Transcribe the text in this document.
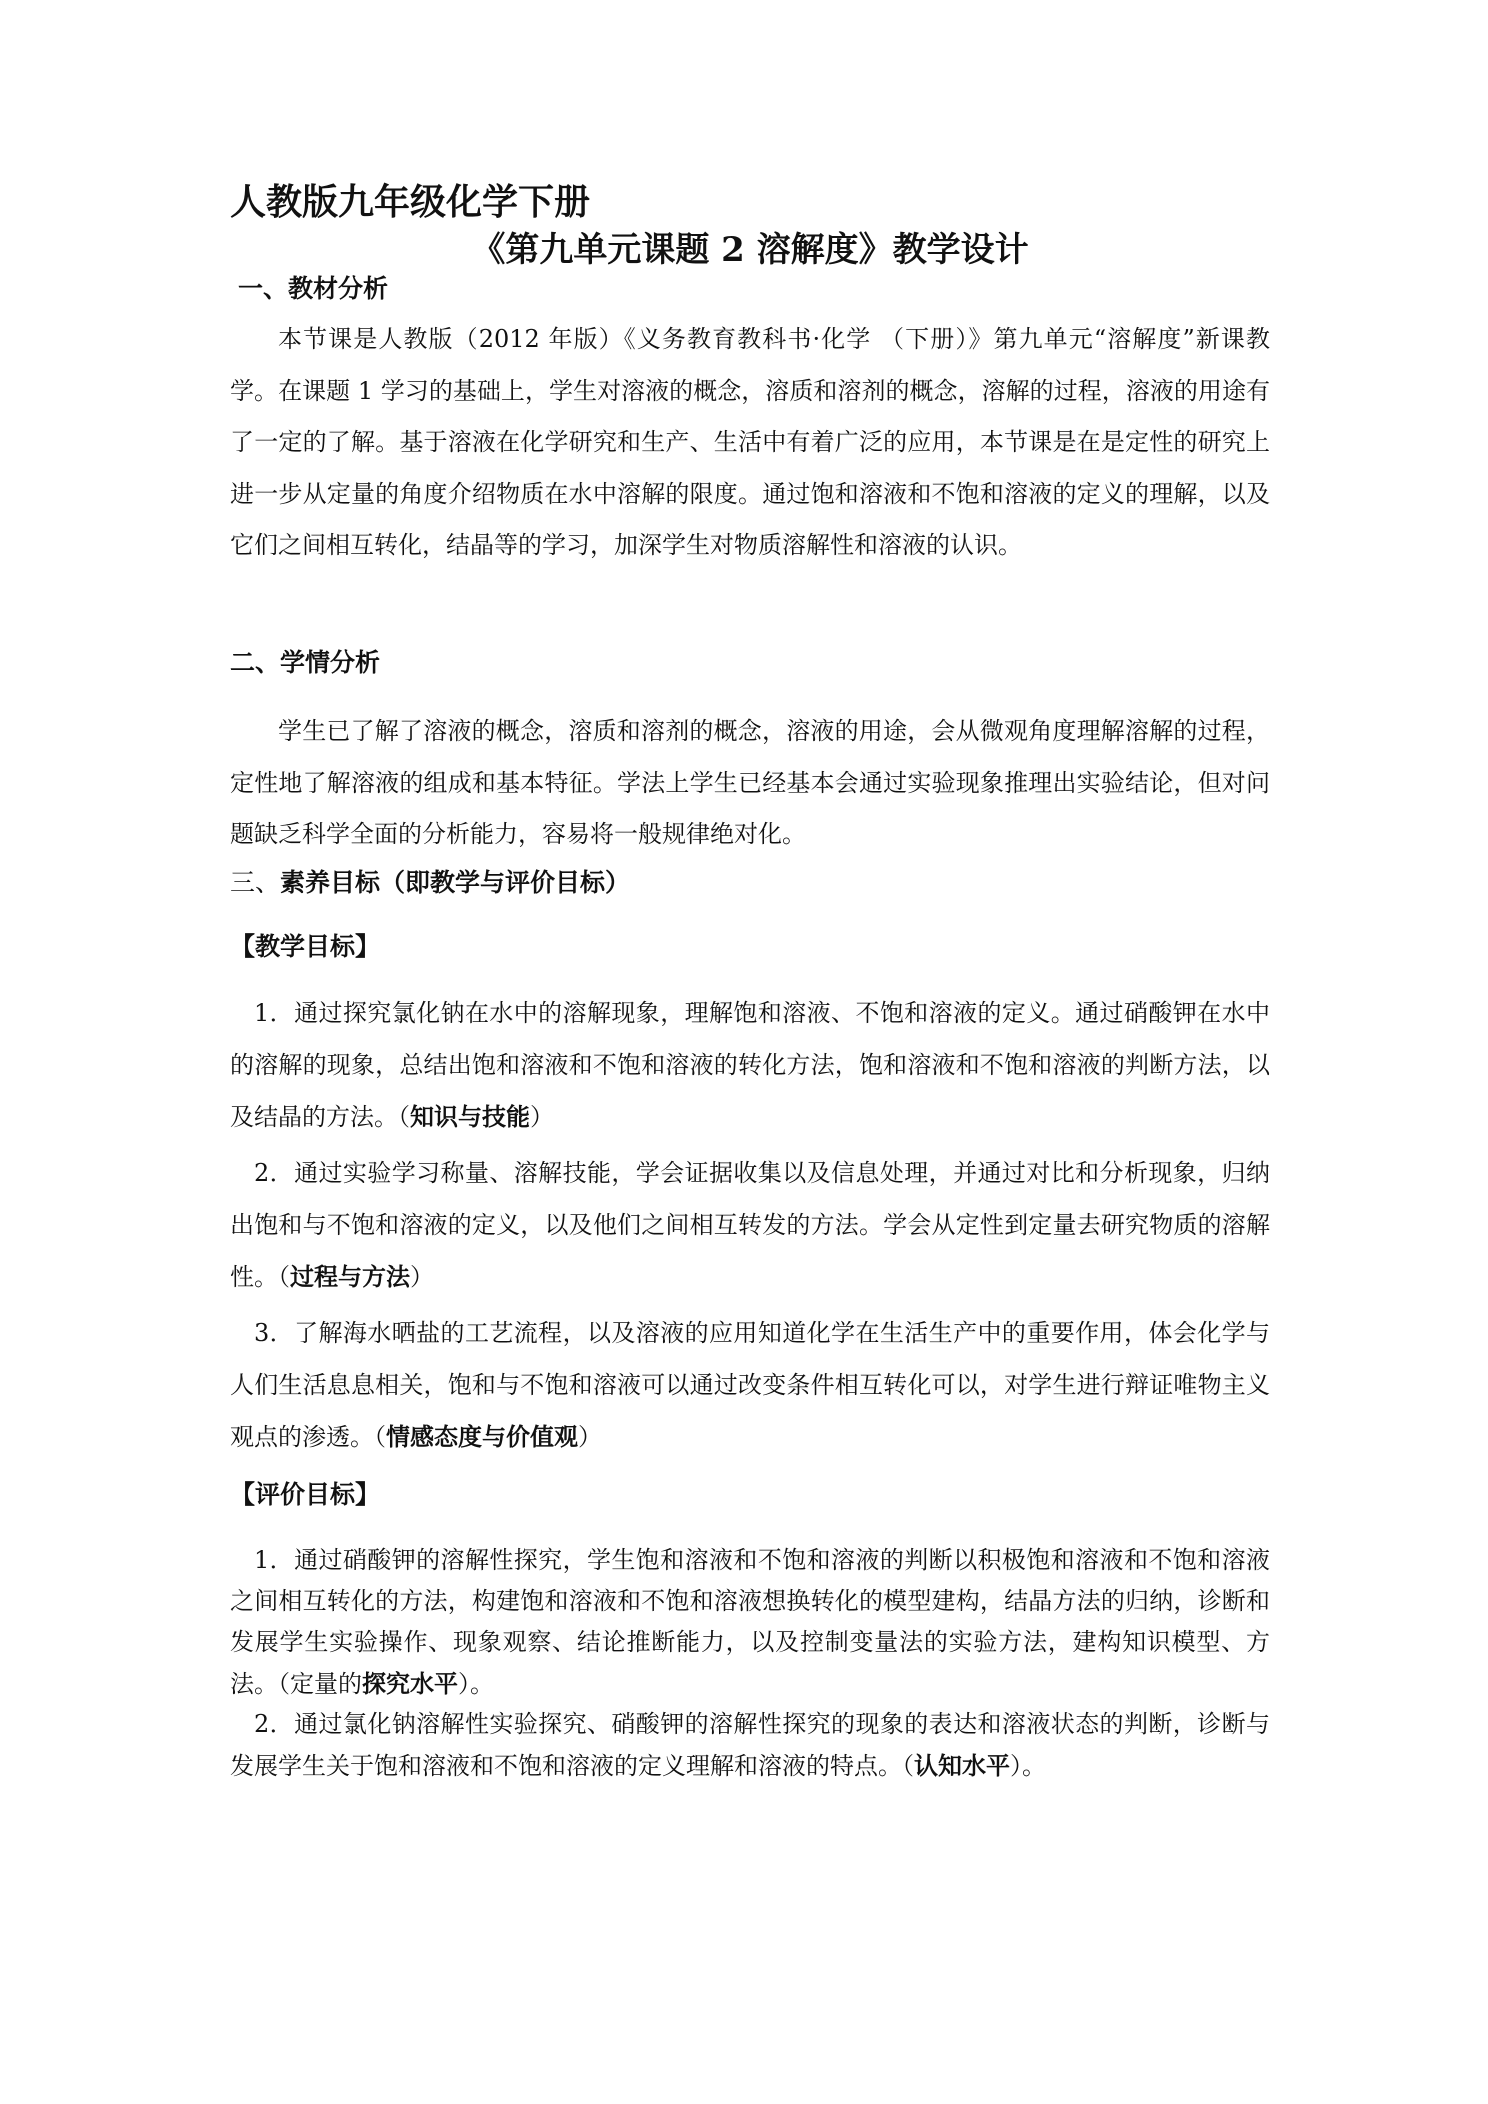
人教版九年级化学下册
《第九单元课题 2 溶解度》教学设计
一、教材分析
本节课是人教版（2012 年版）《义务教育教科书·化学 （下册）》第九单元“溶解度”新课教学。在课题 1 学习的基础上，学生对溶液的概念，溶质和溶剂的概念，溶解的过程，溶液的用途有了一定的了解。基于溶液在化学研究和生产、生活中有着广泛的应用，本节课是在是定性的研究上进一步从定量的角度介绍物质在水中溶解的限度。通过饱和溶液和不饱和溶液的定义的理解，以及它们之间相互转化，结晶等的学习，加深学生对物质溶解性和溶液的认识。
二、学情分析
学生已了解了溶液的概念，溶质和溶剂的概念，溶液的用途，会从微观角度理解溶解的过程，定性地了解溶液的组成和基本特征。学法上学生已经基本会通过实验现象推理出实验结论，但对问题缺乏科学全面的分析能力，容易将一般规律绝对化。
三、素养目标（即教学与评价目标）
【教学目标】
1．通过探究氯化钠在水中的溶解现象，理解饱和溶液、不饱和溶液的定义。通过硝酸钾在水中的溶解的现象，总结出饱和溶液和不饱和溶液的转化方法，饱和溶液和不饱和溶液的判断方法，以及结晶的方法。（知识与技能）
2．通过实验学习称量、溶解技能，学会证据收集以及信息处理，并通过对比和分析现象，归纳出饱和与不饱和溶液的定义，以及他们之间相互转发的方法。学会从定性到定量去研究物质的溶解性。（过程与方法）
3．了解海水晒盐的工艺流程，以及溶液的应用知道化学在生活生产中的重要作用，体会化学与人们生活息息相关，饱和与不饱和溶液可以通过改变条件相互转化可以，对学生进行辩证唯物主义观点的渗透。（情感态度与价值观）
【评价目标】
1．通过硝酸钾的溶解性探究，学生饱和溶液和不饱和溶液的判断以积极饱和溶液和不饱和溶液之间相互转化的方法，构建饱和溶液和不饱和溶液想换转化的模型建构，结晶方法的归纳，诊断和发展学生实验操作、现象观察、结论推断能力，以及控制变量法的实验方法，建构知识模型、方法。（定量的探究水平）。
2．通过氯化钠溶解性实验探究、硝酸钾的溶解性探究的现象的表达和溶液状态的判断，诊断与发展学生关于饱和溶液和不饱和溶液的定义理解和溶液的特点。（认知水平）。
